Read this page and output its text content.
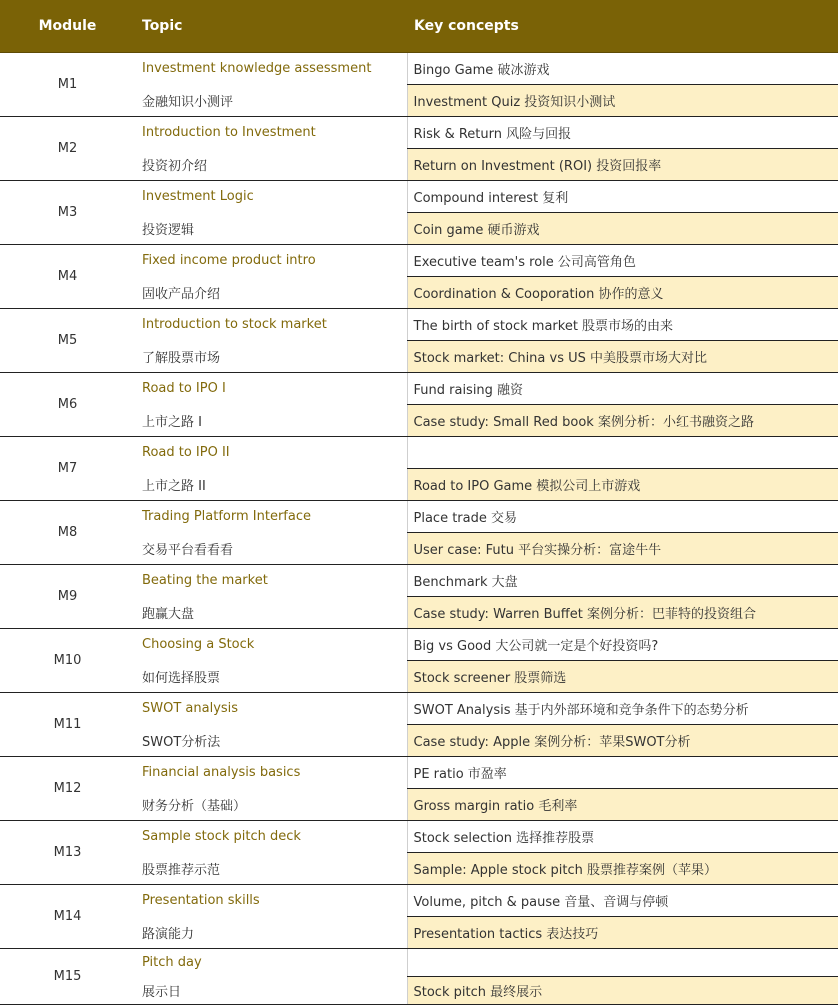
Module	Topic	Key concepts
M1	Investment knowledge assessment	Bingo Game 破冰游戏
	金融知识小测评	Investment Quiz 投资知识小测试
M2	Introduction to Investment	Risk & Return 风险与回报
	投资初介绍	Return on Investment (ROI) 投资回报率
M3	Investment Logic	Compound interest 复利
	投资逻辑	Coin game 硬币游戏
M4	Fixed income product intro	Executive team's role 公司高管角色
	固收产品介绍	Coordination & Cooporation 协作的意义
M5	Introduction to stock market	The birth of stock market 股票市场的由来
	了解股票市场	Stock market: China vs US 中美股票市场大对比
M6	Road to IPO I	Fund raising 融资
	上市之路 I	Case study: Small Red book 案例分析：小红书融资之路
M7	Road to IPO II	
	上市之路 II	Road to IPO Game 模拟公司上市游戏
M8	Trading Platform Interface	Place trade 交易
	交易平台看看看	User case: Futu 平台实操分析：富途牛牛
M9	Beating the market	Benchmark 大盘
	跑赢大盘	Case study: Warren Buffet 案例分析：巴菲特的投资组合
M10	Choosing a Stock	Big vs Good 大公司就一定是个好投资吗?
	如何选择股票	Stock screener 股票筛选
M11	SWOT analysis	SWOT Analysis 基于内外部环境和竞争条件下的态势分析
	SWOT分析法	Case study: Apple 案例分析：苹果SWOT分析
M12	Financial analysis basics	PE ratio 市盈率
	财务分析（基础）	Gross margin ratio 毛利率
M13	Sample stock pitch deck	Stock selection 选择推荐股票
	股票推荐示范	Sample: Apple stock pitch 股票推荐案例（苹果）
M14	Presentation skills	Volume, pitch & pause 音量、音调与停顿
	路演能力	Presentation tactics 表达技巧
M15	Pitch day	
	展示日	Stock pitch 最终展示
